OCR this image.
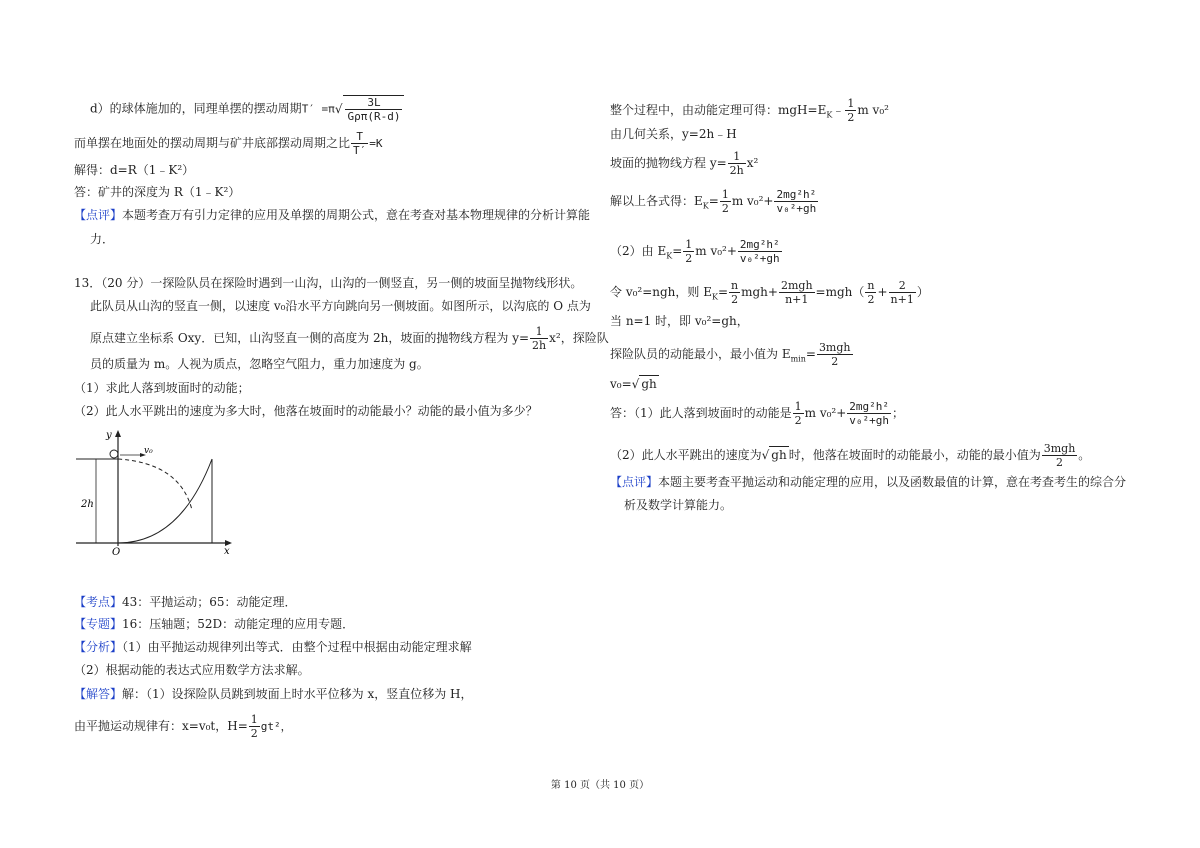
d）的球体施加的，同理单摆的摆动周期$T' =\pi√ \frac{3L}{\text{Gρπ(R-d)}}$
而单摆在地面处的摆动周期与矿井底部摆动周期之比 $\frac{T}{T'} =K$
解得：d=R（1﹣K²）
答：矿井的深度为 R（1﹣K²）
【点评】本题考查万有引力定律的应用及单摆的周期公式，意在考查对基本物理规律的分析计算能
力．
13．（20 分）一探险队员在探险时遇到一山沟，山沟的一侧竖直，另一侧的坡面呈抛物线形状。
此队员从山沟的竖直一侧，以速度 v₀沿水平方向跳向另一侧坡面。如图所示，以沟底的 O 点为
原点建立坐标系 Oxy．已知，山沟竖直一侧的高度为 2h，坡面的抛物线方程为 $y= \frac{1}{2h} x^2$，探险队
员的质量为 m。人视为质点，忽略空气阻力，重力加速度为 g。
（1）求此人落到坡面时的动能；
（2）此人水平跳出的速度为多大时，他落在坡面时的动能最小？动能的最小值为多少？
y
x
O
v₀
2h
【考点】43：平抛运动；65：动能定理．
【专题】16：压轴题；52D：动能定理的应用专题．
【分析】（1）由平抛运动规律列出等式．由整个过程中根据由动能定理求解
（2）根据动能的表达式应用数学方法求解。
【解答】解：（1）设探险队员跳到坡面上时水平位移为 x，竖直位移为 H，
由平抛运动规律有：x=v₀t，$H= \frac{1}{2} gt^2$，
整个过程中，由动能定理可得：$mgH=E_K﹣ \frac{1}{2}$ m v₀²
由几何关系，y=2h﹣H
坡面的抛物线方程 $y= \frac{1}{2h} x^2$
解以上各式得：$E_K= \frac{1}{2}$ m $v_0^2+ \frac{\text{2mg²h²}}{\text{v₀²+gh}}$
（2）由 $E_K= \frac{1}{2}$ m $v_0^2+ \frac{\text{2mg²h²}}{\text{v₀²+gh}}$
令 v₀²=ngh，则 $E_K= \frac{n}{2} mgh+ \frac{\text{2mgh}}{n+1} =mgh( \frac{n}{2} + \frac{2}{n+1}$ ）
当 n=1 时，即 v₀²=gh，
探险队员的动能最小，最小值为 $E_{min}= \frac{\text{3mgh}}{2}$
v₀=√ gh
答：（1）此人落到坡面时的动能是 $\frac{1}{2}$ m $v_0^2+ \frac{\text{2mg²h²}}{\text{v₀²+gh}}$ ；
（2）此人水平跳出的速度为√ gh 时，他落在坡面时的动能最小，动能的最小值为 $\frac{\text{3mgh}}{2}$ 。
【点评】本题主要考查平抛运动和动能定理的应用，以及函数最值的计算，意在考查考生的综合分
析及数学计算能力。
第 10 页（共 10 页）
